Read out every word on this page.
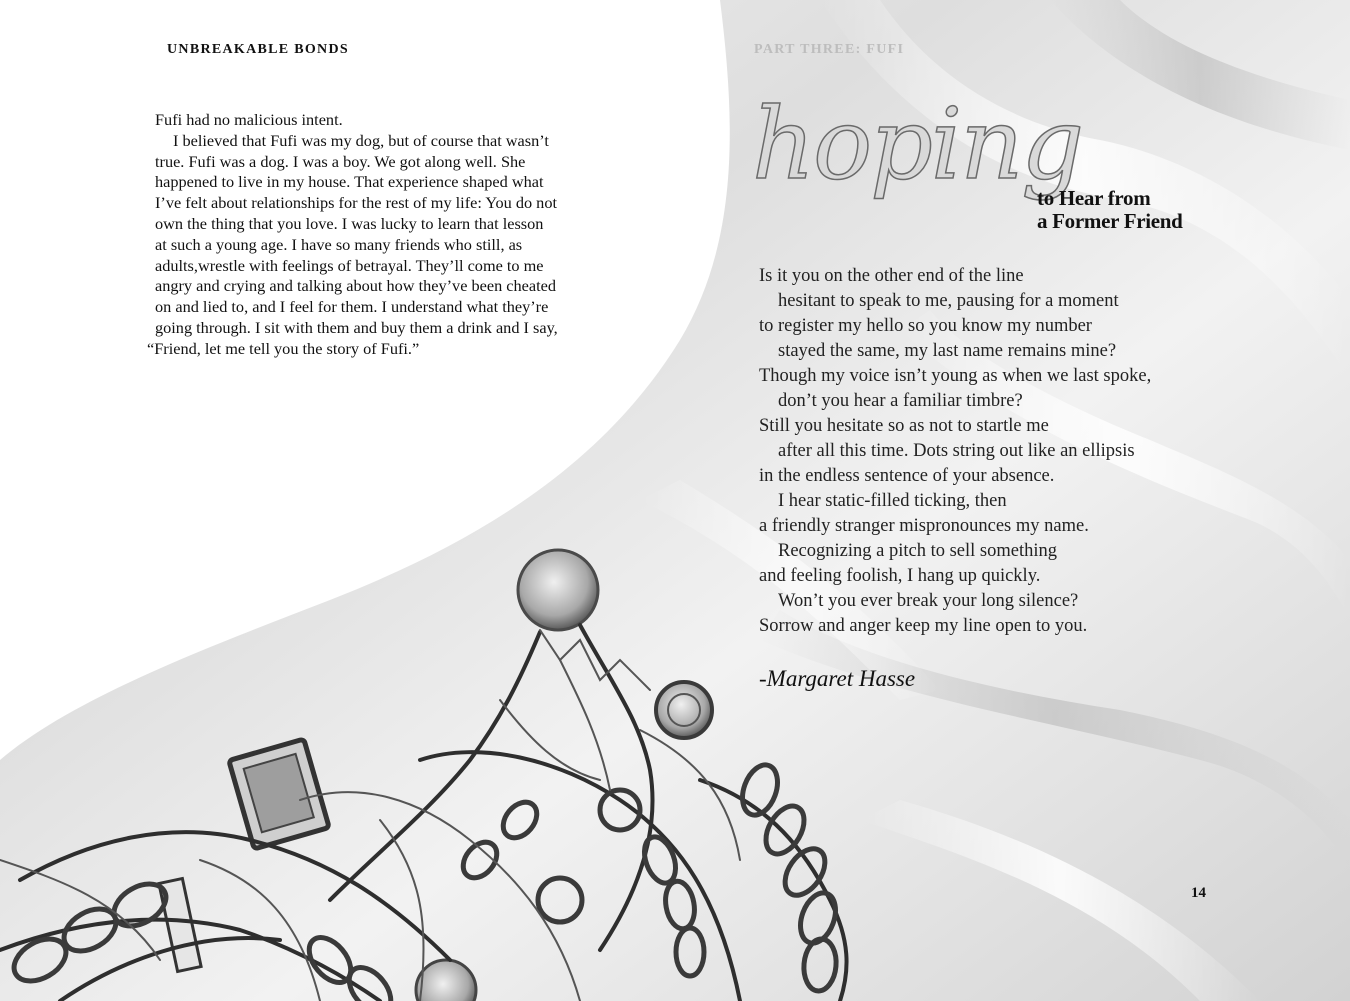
UNBREAKABLE BONDS	PART THREE: FUFI
Fufi had no malicious intent.
I believed that Fufi was my dog, but of course that wasn’t
true. Fufi was a dog. I was a boy. We got along well. She
happened to live in my house. That experience shaped what
I’ve felt about relationships for the rest of my life: You do not
own the thing that you love. I was lucky to learn that lesson
at such a young age. I have so many friends who still, as
adults,wrestle with feelings of betrayal. They’ll come to me
angry and crying and talking about how they’ve been cheated
on and lied to, and I feel for them. I understand what they’re
going through. I sit with them and buy them a drink and I say,
“Friend, let me tell you the story of Fufi.”
hoping
to Hear from
a Former Friend
Is it you on the other end of the line
hesitant to speak to me, pausing for a moment
to register my hello so you know my number
stayed the same, my last name remains mine?
Though my voice isn’t young as when we last spoke,
don’t you hear a familiar timbre?
Still you hesitate so as not to startle me
after all this time. Dots string out like an ellipsis
in the endless sentence of your absence.
I hear static-filled ticking, then
a friendly stranger mispronounces my name.
Recognizing a pitch to sell something
and feeling foolish, I hang up quickly.
Won’t you ever break your long silence?
Sorrow and anger keep my line open to you.
-Margaret Hasse
14
